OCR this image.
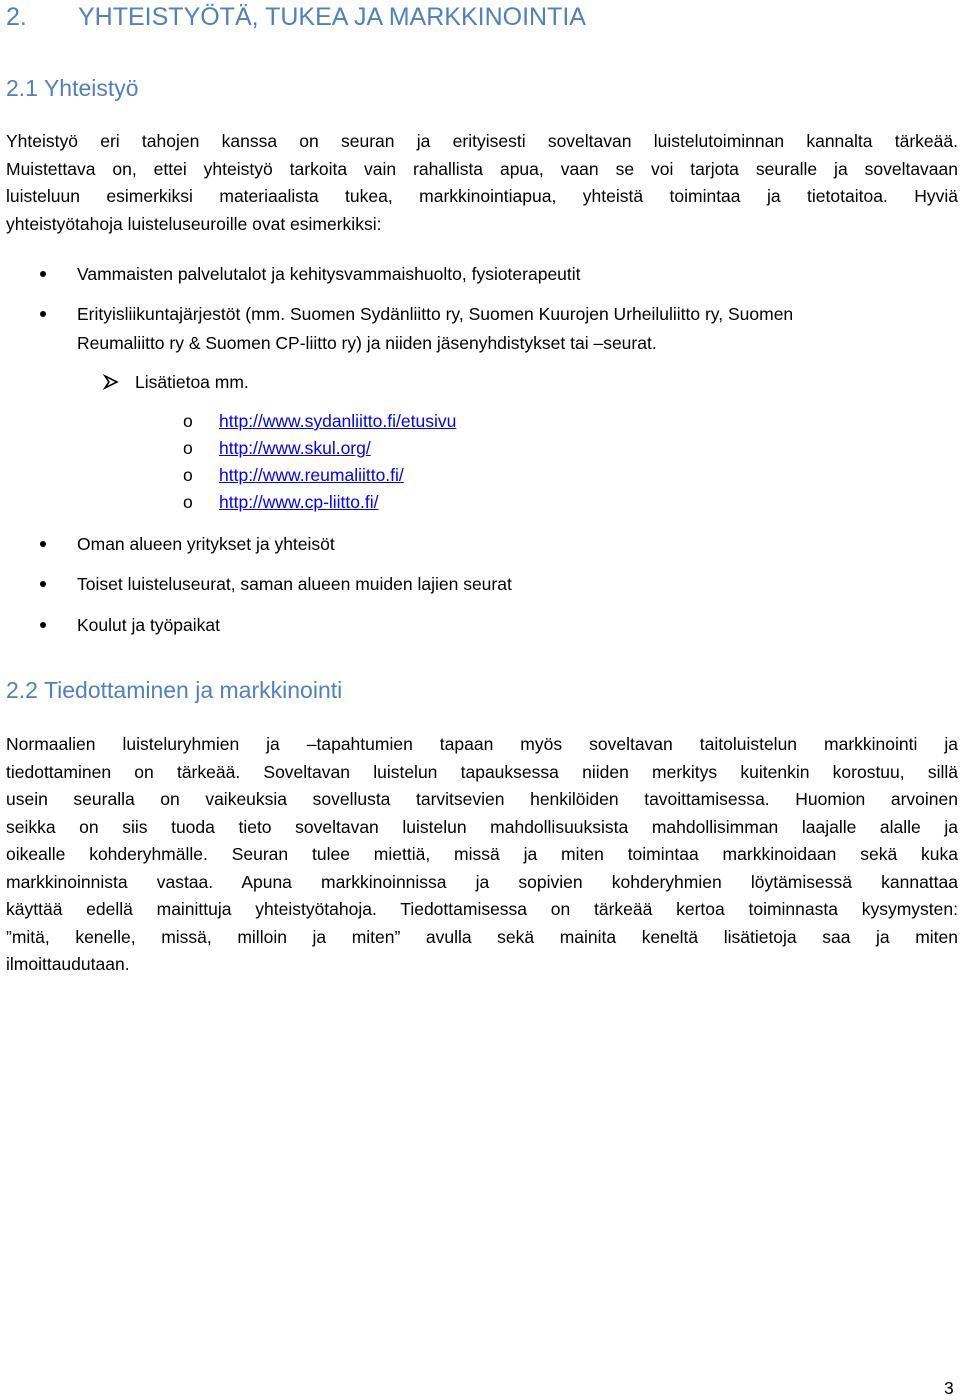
2. YHTEISTYÖTÄ, TUKEA JA MARKKINOINTIA
2.1 Yhteistyö

Yhteistyö eri tahojen kanssa on seuran ja erityisesti soveltavan luistelutoiminnan kannalta tärkeää.
Muistettava on, ettei yhteistyö tarkoita vain rahallista apua, vaan se voi tarjota seuralle ja soveltavaan
luisteluun esimerkiksi materiaalista tukea, markkinointiapua, yhteistä toimintaa ja tietotaitoa. Hyviä
yhteistyötahoja luisteluseuroille ovat esimerkiksi:

Vammaisten palvelutalot ja kehitysvammaishuolto, fysioterapeutit
Erityisliikuntajärjestöt (mm. Suomen Sydänliitto ry, Suomen Kuurojen Urheiluliitto ry, Suomen
Reumaliitto ry & Suomen CP-liitto ry) ja niiden jäsenyhdistykset tai –seurat.
Lisätietoa mm.
o http://www.sydanliitto.fi/etusivu
o http://www.skul.org/
o http://www.reumaliitto.fi/
o http://www.cp-liitto.fi/
Oman alueen yritykset ja yhteisöt
Toiset luisteluseurat, saman alueen muiden lajien seurat
Koulut ja työpaikat
2.2 Tiedottaminen ja markkinointi

Normaalien luisteluryhmien ja –tapahtumien tapaan myös soveltavan taitoluistelun markkinointi ja
tiedottaminen on tärkeää. Soveltavan luistelun tapauksessa niiden merkitys kuitenkin korostuu, sillä
usein seuralla on vaikeuksia sovellusta tarvitsevien henkilöiden tavoittamisessa. Huomion arvoinen
seikka on siis tuoda tieto soveltavan luistelun mahdollisuuksista mahdollisimman laajalle alalle ja
oikealle kohderyhmälle. Seuran tulee miettiä, missä ja miten toimintaa markkinoidaan sekä kuka
markkinoinnista vastaa. Apuna markkinoinnissa ja sopivien kohderyhmien löytämisessä kannattaa
käyttää edellä mainittuja yhteistyötahoja. Tiedottamisessa on tärkeää kertoa toiminnasta kysymysten:
”mitä, kenelle, missä, milloin ja miten” avulla sekä mainita keneltä lisätietoja saa ja miten
ilmoittaudutaan.

3
